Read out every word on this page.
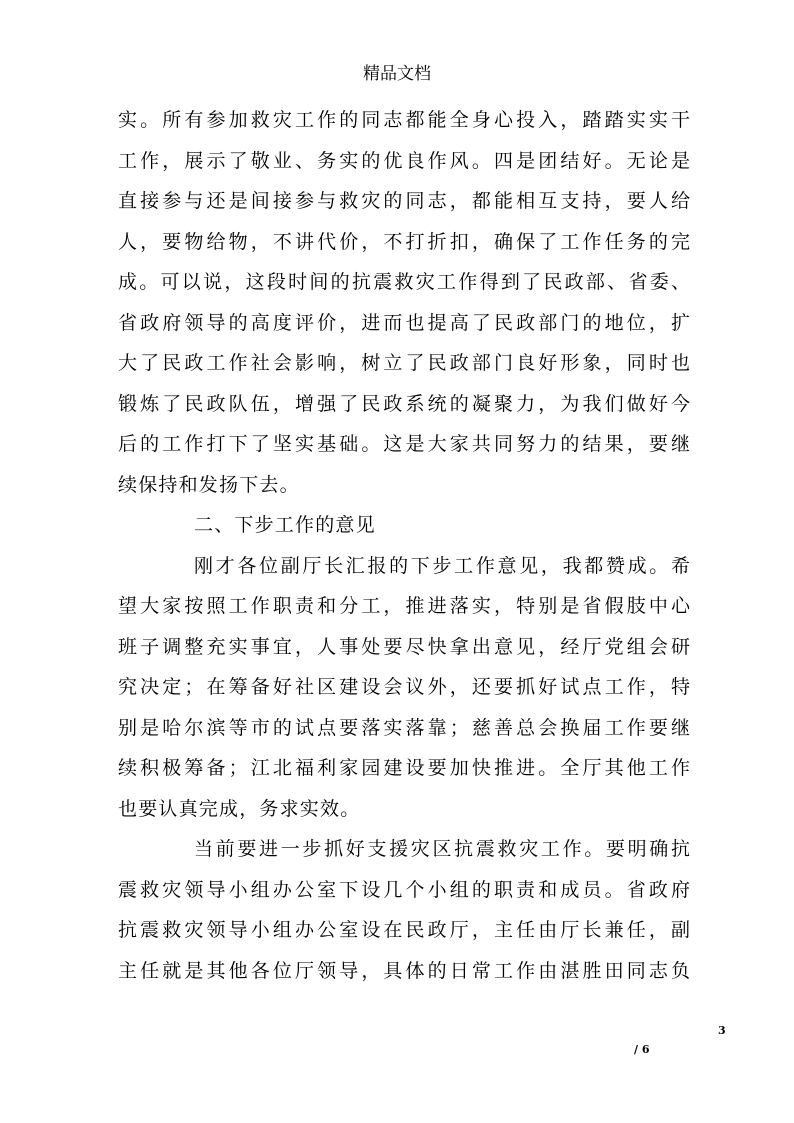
精品文档
实。所有参加救灾工作的同志都能全身心投入，踏踏实实干
工作，展示了敬业、务实的优良作风。四是团结好。无论是
直接参与还是间接参与救灾的同志，都能相互支持，要人给
人，要物给物，不讲代价，不打折扣，确保了工作任务的完
成。可以说，这段时间的抗震救灾工作得到了民政部、省委、
省政府领导的高度评价，进而也提高了民政部门的地位，扩
大了民政工作社会影响，树立了民政部门良好形象，同时也
锻炼了民政队伍，增强了民政系统的凝聚力，为我们做好今
后的工作打下了坚实基础。这是大家共同努力的结果，要继
续保持和发扬下去。
二、下步工作的意见
刚才各位副厅长汇报的下步工作意见，我都赞成。希
望大家按照工作职责和分工，推进落实，特别是省假肢中心
班子调整充实事宜，人事处要尽快拿出意见，经厅党组会研
究决定；在筹备好社区建设会议外，还要抓好试点工作，特
别是哈尔滨等市的试点要落实落靠；慈善总会换届工作要继
续积极筹备；江北福利家园建设要加快推进。全厅其他工作
也要认真完成，务求实效。
当前要进一步抓好支援灾区抗震救灾工作。要明确抗
震救灾领导小组办公室下设几个小组的职责和成员。省政府
抗震救灾领导小组办公室设在民政厅，主任由厅长兼任，副
主任就是其他各位厅领导，具体的日常工作由湛胜田同志负
3
/ 6
